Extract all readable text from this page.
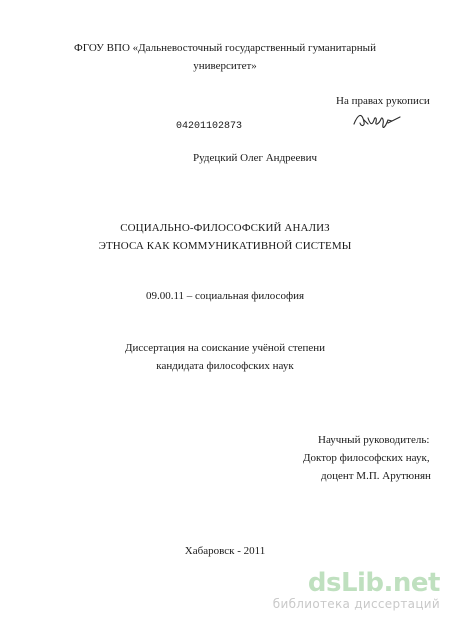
ФГОУ ВПО «Дальневосточный государственный гуманитарный
университет»
На правах рукописи
04201102873
Рудецкий Олег Андреевич
СОЦИАЛЬНО-ФИЛОСОФСКИЙ АНАЛИЗ
ЭТНОСА КАК КОММУНИКАТИВНОЙ СИСТЕМЫ
09.00.11 – социальная философия
Диссертация на соискание учёной степени
кандидата философских наук
Научный руководитель:
Доктор философских наук,
доцент М.П. Арутюнян
Хабаровск - 2011
dsLib.net
библиотека диссертаций
